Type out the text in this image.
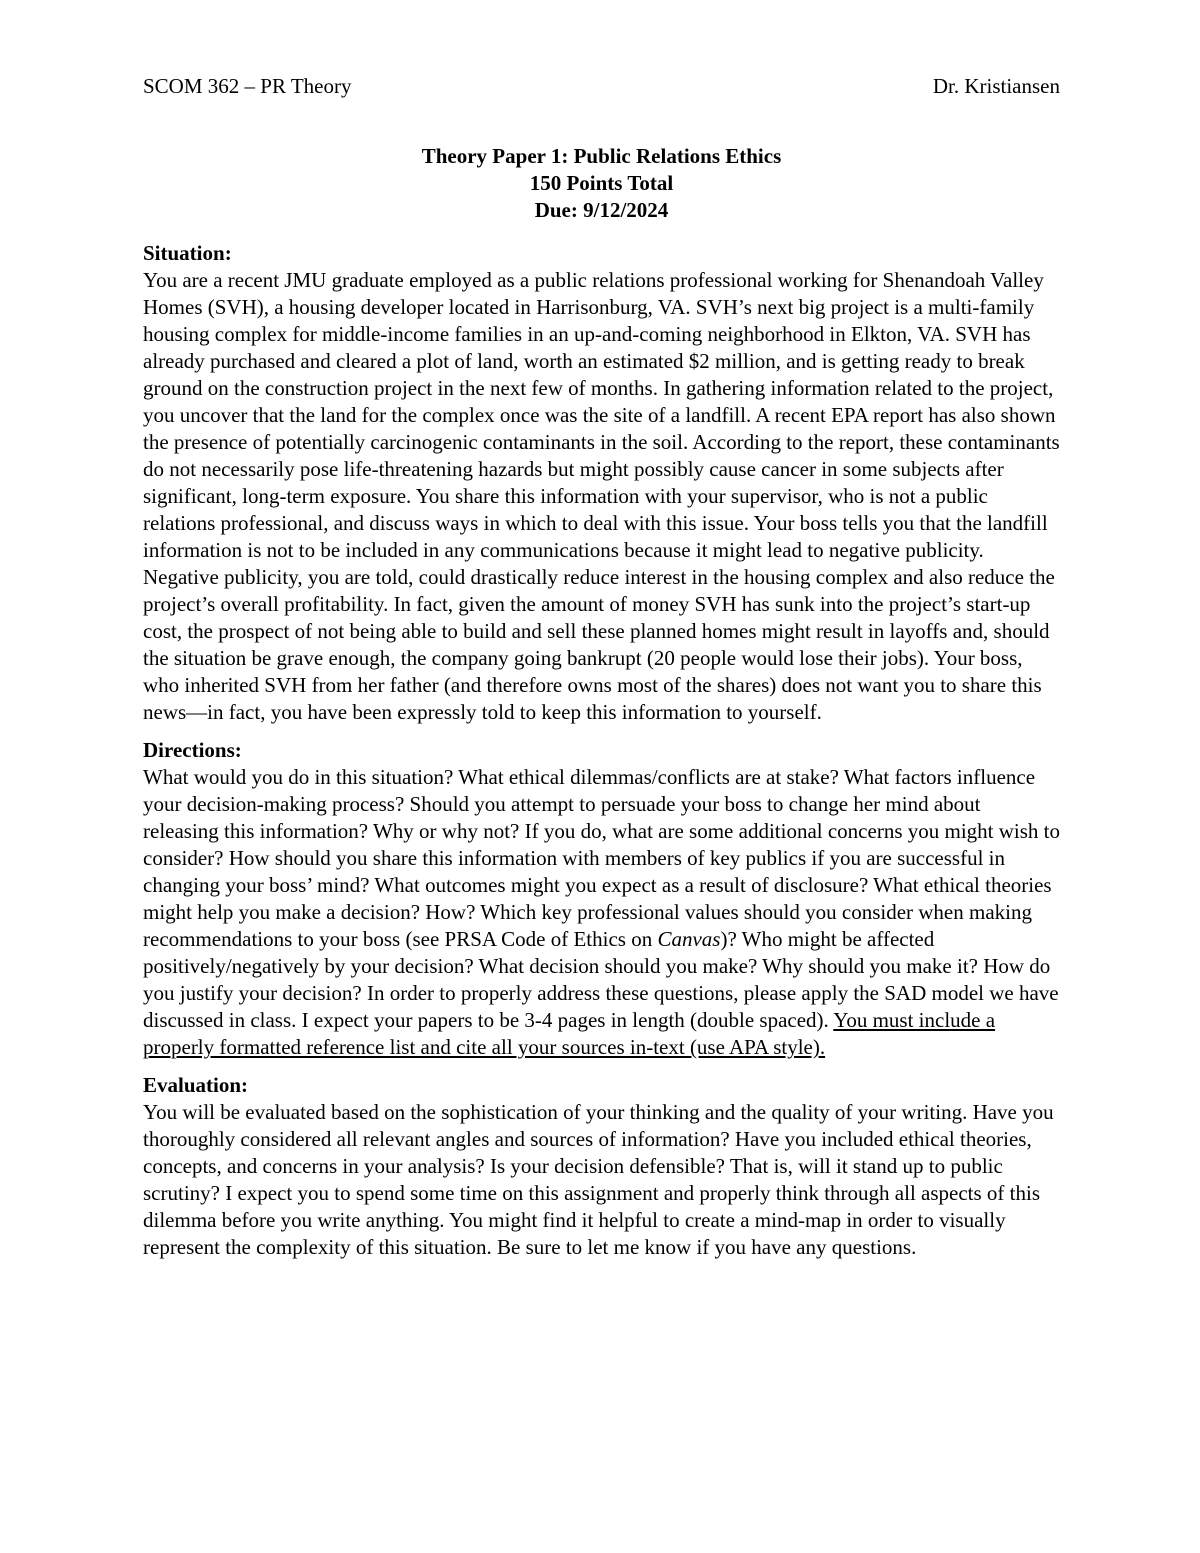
SCOM 362 – PR Theory	Dr. Kristiansen
Theory Paper 1: Public Relations Ethics
150 Points Total
Due: 9/12/2024
Situation:

You are a recent JMU graduate employed as a public relations professional working for Shenandoah Valley Homes (SVH), a housing developer located in Harrisonburg, VA. SVH’s next big project is a multi-family housing complex for middle-income families in an up-and-coming neighborhood in Elkton, VA. SVH has already purchased and cleared a plot of land, worth an estimated $2 million, and is getting ready to break ground on the construction project in the next few of months. In gathering information related to the project, you uncover that the land for the complex once was the site of a landfill. A recent EPA report has also shown the presence of potentially carcinogenic contaminants in the soil. According to the report, these contaminants do not necessarily pose life-threatening hazards but might possibly cause cancer in some subjects after significant, long-term exposure. You share this information with your supervisor, who is not a public relations professional, and discuss ways in which to deal with this issue. Your boss tells you that the landfill information is not to be included in any communications because it might lead to negative publicity. Negative publicity, you are told, could drastically reduce interest in the housing complex and also reduce the project’s overall profitability. In fact, given the amount of money SVH has sunk into the project’s start-up cost, the prospect of not being able to build and sell these planned homes might result in layoffs and, should the situation be grave enough, the company going bankrupt (20 people would lose their jobs). Your boss, who inherited SVH from her father (and therefore owns most of the shares) does not want you to share this news—in fact, you have been expressly told to keep this information to yourself.

Directions:

What would you do in this situation? What ethical dilemmas/conflicts are at stake? What factors influence your decision-making process? Should you attempt to persuade your boss to change her mind about releasing this information? Why or why not? If you do, what are some additional concerns you might wish to consider? How should you share this information with members of key publics if you are successful in changing your boss’ mind? What outcomes might you expect as a result of disclosure? What ethical theories might help you make a decision? How? Which key professional values should you consider when making recommendations to your boss (see PRSA Code of Ethics on Canvas)? Who might be affected positively/negatively by your decision? What decision should you make? Why should you make it? How do you justify your decision? In order to properly address these questions, please apply the SAD model we have discussed in class. I expect your papers to be 3-4 pages in length (double spaced). You must include a properly formatted reference list and cite all your sources in-text (use APA style).

Evaluation:

You will be evaluated based on the sophistication of your thinking and the quality of your writing. Have you thoroughly considered all relevant angles and sources of information? Have you included ethical theories, concepts, and concerns in your analysis? Is your decision defensible? That is, will it stand up to public scrutiny? I expect you to spend some time on this assignment and properly think through all aspects of this dilemma before you write anything. You might find it helpful to create a mind-map in order to visually represent the complexity of this situation. Be sure to let me know if you have any questions.
